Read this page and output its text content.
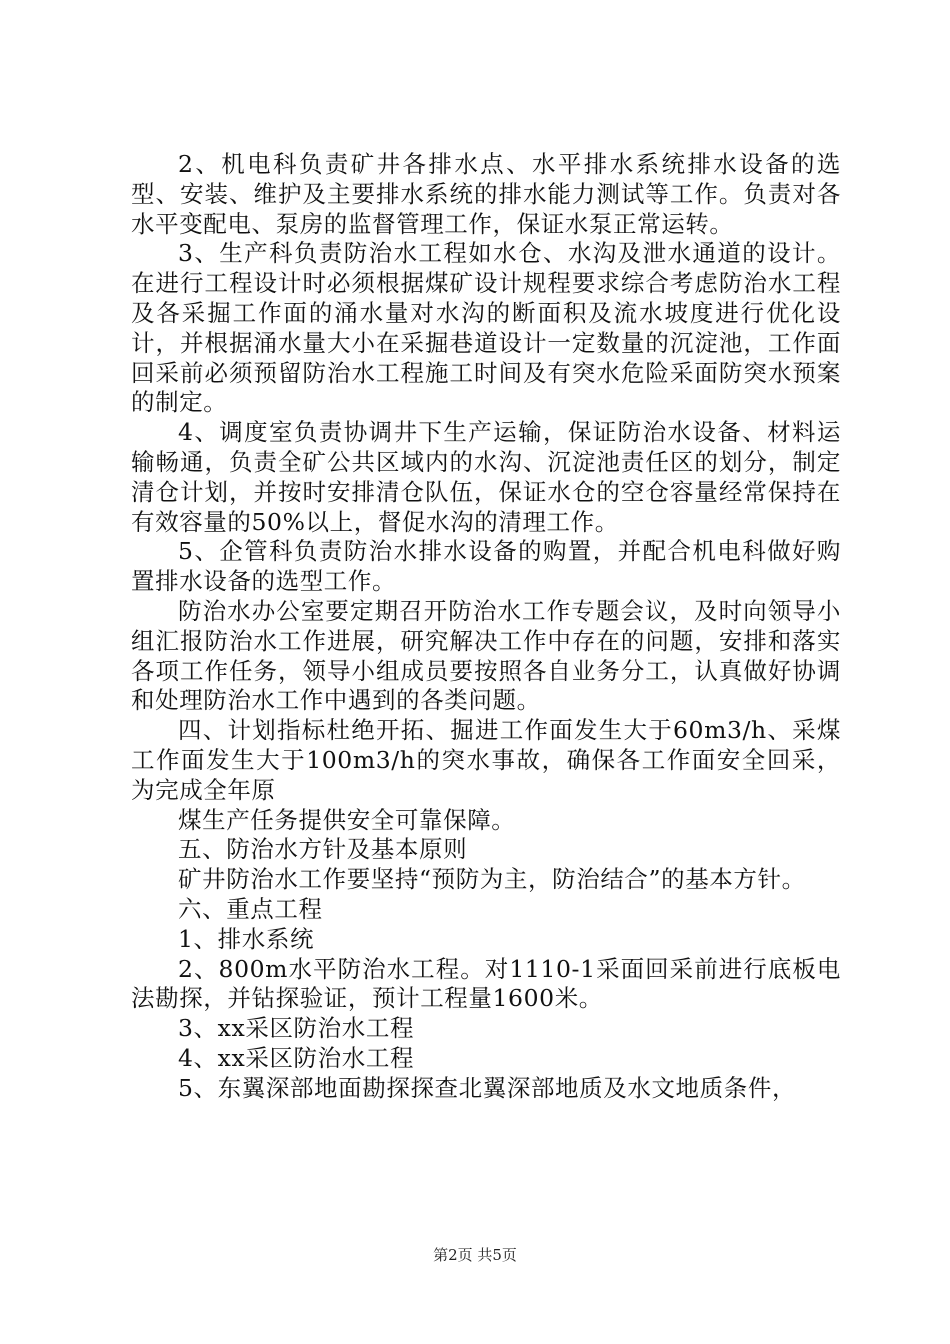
2、机电科负责矿井各排水点、水平排水系统排水设备的选型、安装、维护及主要排水系统的排水能力测试等工作。负责对各水平变配电、泵房的监督管理工作，保证水泵正常运转。

3、生产科负责防治水工程如水仓、水沟及泄水通道的设计。在进行工程设计时必须根据煤矿设计规程要求综合考虑防治水工程及各采掘工作面的涌水量对水沟的断面积及流水坡度进行优化设计，并根据涌水量大小在采掘巷道设计一定数量的沉淀池，工作面回采前必须预留防治水工程施工时间及有突水危险采面防突水预案的制定。

4、调度室负责协调井下生产运输，保证防治水设备、材料运输畅通，负责全矿公共区域内的水沟、沉淀池责任区的划分，制定清仓计划，并按时安排清仓队伍，保证水仓的空仓容量经常保持在有效容量的50%以上，督促水沟的清理工作。

5、企管科负责防治水排水设备的购置，并配合机电科做好购置排水设备的选型工作。

防治水办公室要定期召开防治水工作专题会议，及时向领导小组汇报防治水工作进展，研究解决工作中存在的问题，安排和落实各项工作任务，领导小组成员要按照各自业务分工，认真做好协调和处理防治水工作中遇到的各类问题。

四、计划指标杜绝开拓、掘进工作面发生大于60m3/h、采煤工作面发生大于100m3/h的突水事故，确保各工作面安全回采，为完成全年原

煤生产任务提供安全可靠保障。

五、防治水方针及基本原则

矿井防治水工作要坚持“预防为主，防治结合”的基本方针。

六、重点工程

1、排水系统

2、800m水平防治水工程。对1110-1采面回采前进行底板电法勘探，并钻探验证，预计工程量1600米。

3、xx采区防治水工程

4、xx采区防治水工程

5、东翼深部地面勘探探查北翼深部地质及水文地质条件，

第2页 共5页
